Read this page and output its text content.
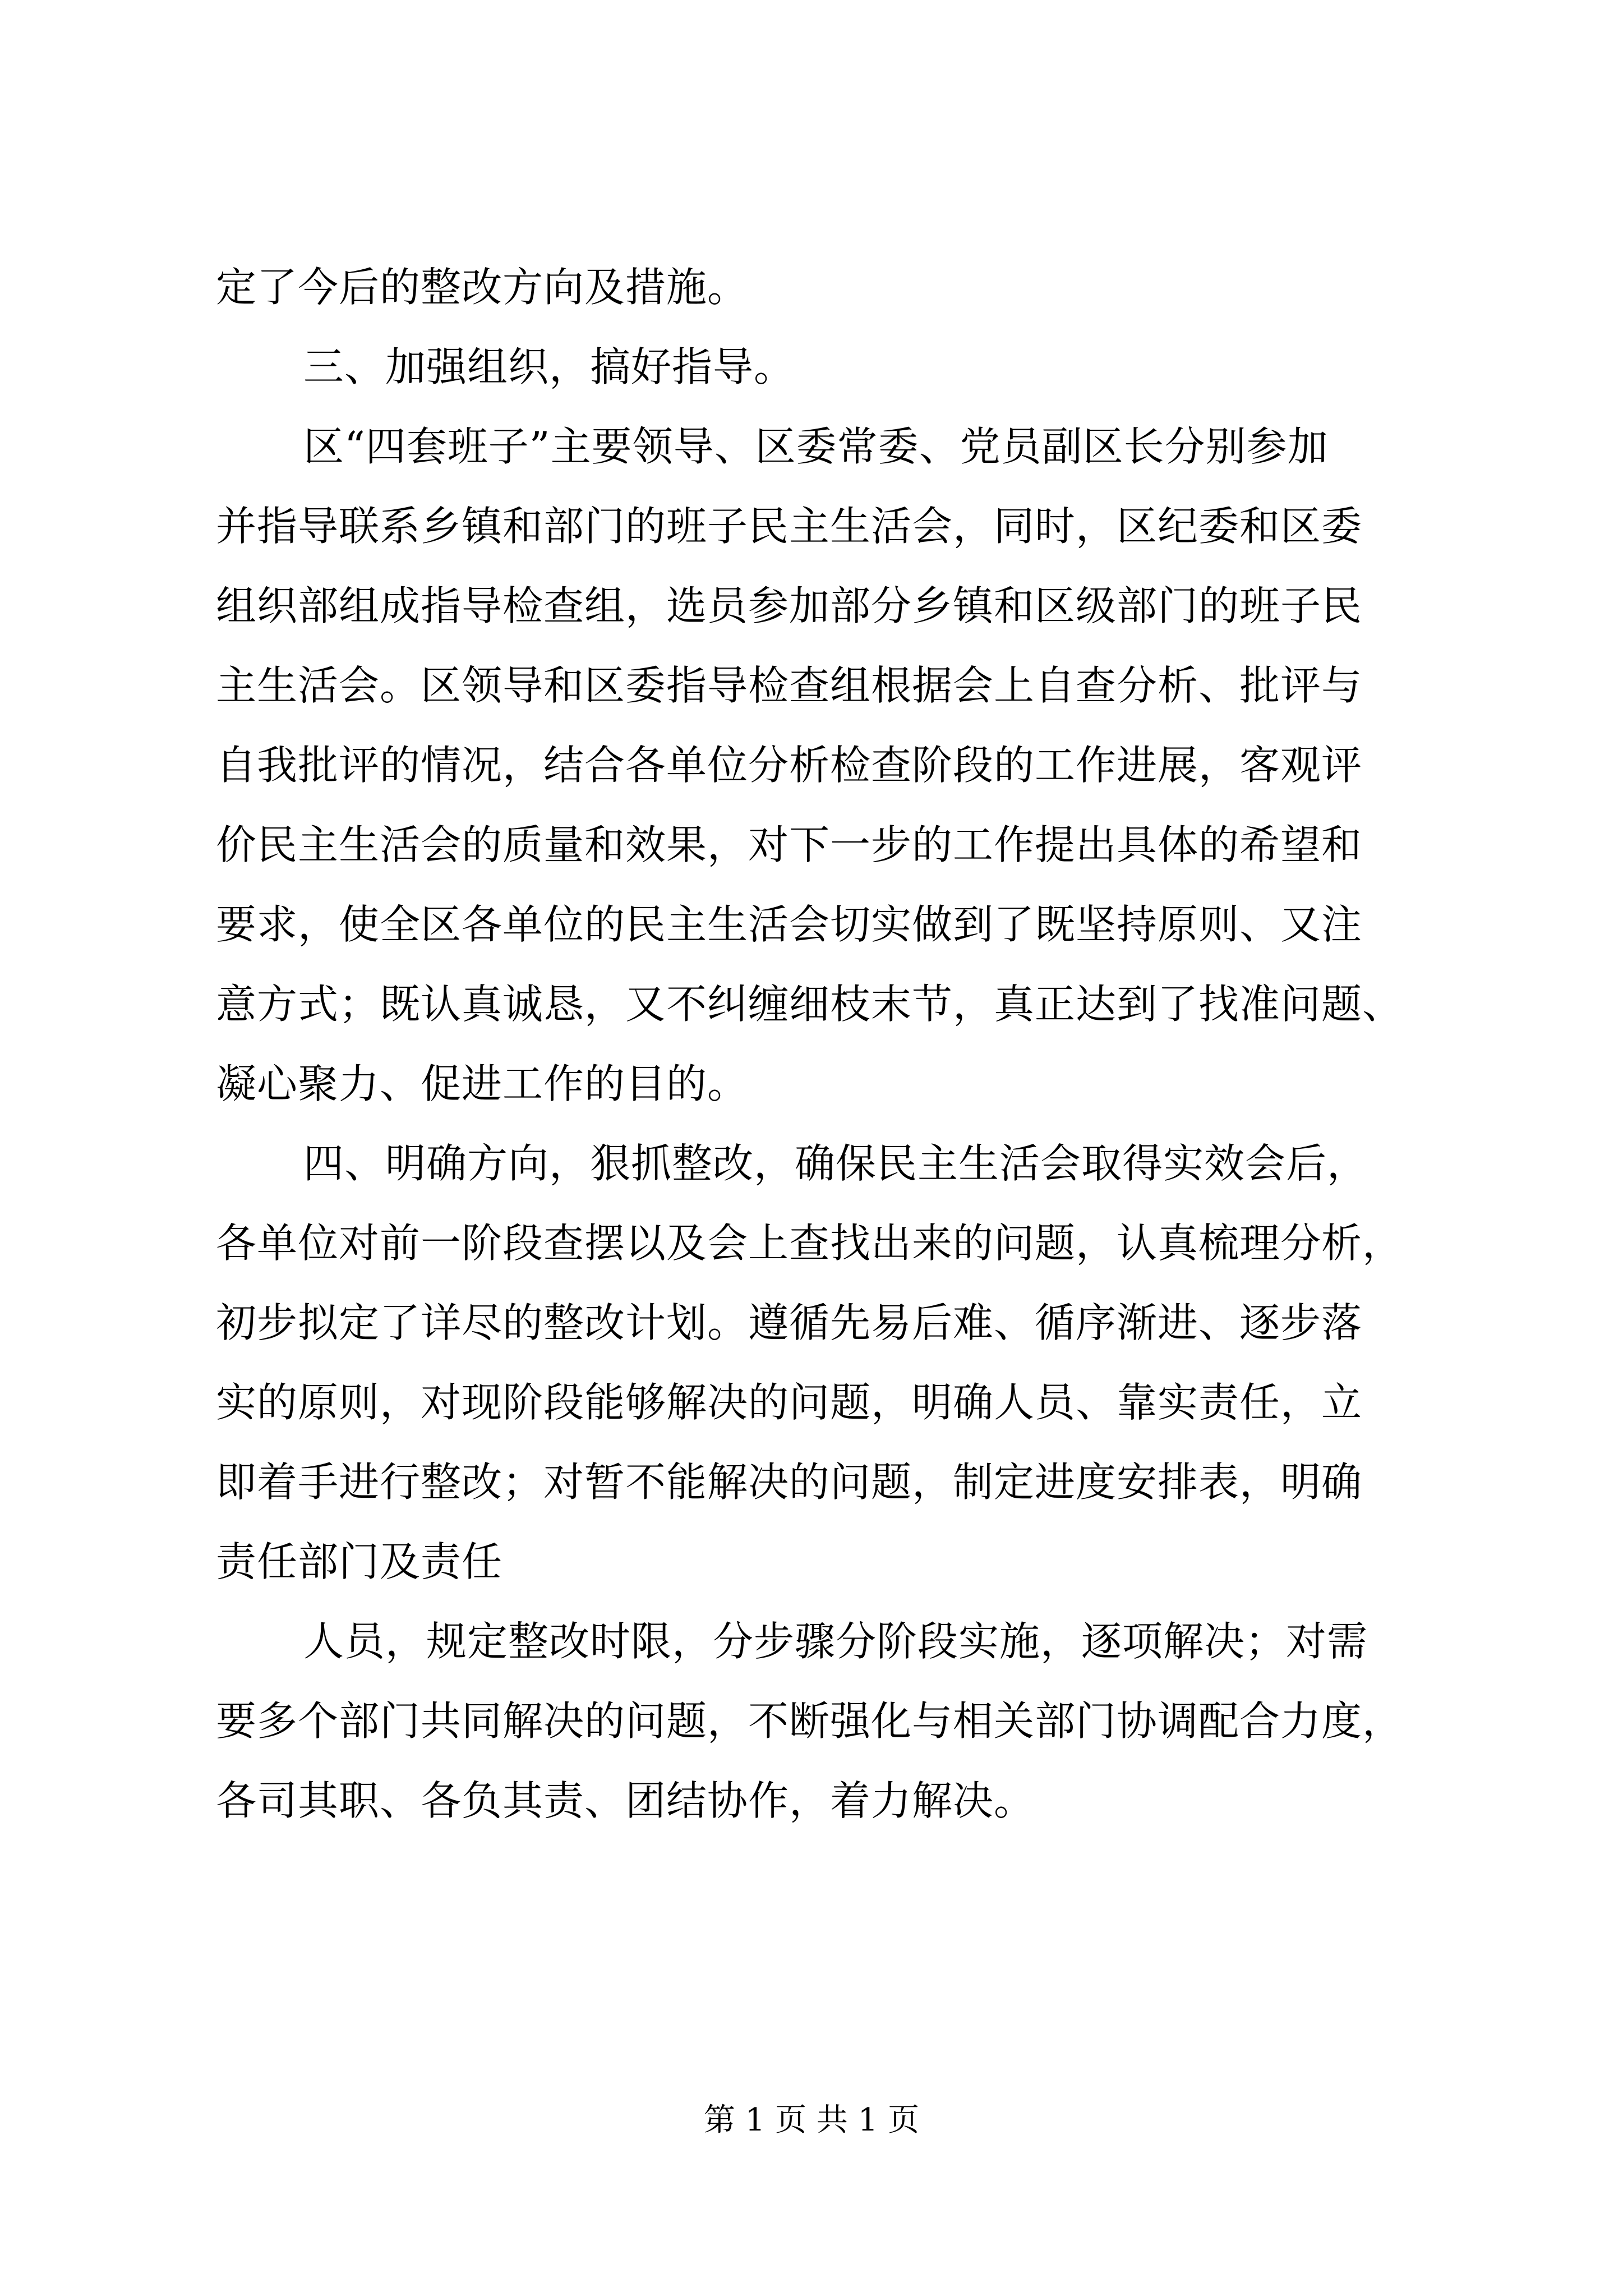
定了今后的整改方向及措施。
三、加强组织，搞好指导。
区“四套班子”主要领导、区委常委、党员副区长分别参加
并指导联系乡镇和部门的班子民主生活会，同时，区纪委和区委
组织部组成指导检查组，选员参加部分乡镇和区级部门的班子民
主生活会。区领导和区委指导检查组根据会上自查分析、批评与
自我批评的情况，结合各单位分析检查阶段的工作进展，客观评
价民主生活会的质量和效果，对下一步的工作提出具体的希望和
要求，使全区各单位的民主生活会切实做到了既坚持原则、又注
意方式；既认真诚恳，又不纠缠细枝末节，真正达到了找准问题、
凝心聚力、促进工作的目的。
四、明确方向，狠抓整改，确保民主生活会取得实效会后，
各单位对前一阶段查摆以及会上查找出来的问题，认真梳理分析，
初步拟定了详尽的整改计划。遵循先易后难、循序渐进、逐步落
实的原则，对现阶段能够解决的问题，明确人员、靠实责任，立
即着手进行整改；对暂不能解决的问题，制定进度安排表，明确
责任部门及责任
人员，规定整改时限，分步骤分阶段实施，逐项解决；对需
要多个部门共同解决的问题，不断强化与相关部门协调配合力度，
各司其职、各负其责、团结协作，着力解决。
第 1 页 共 1 页
